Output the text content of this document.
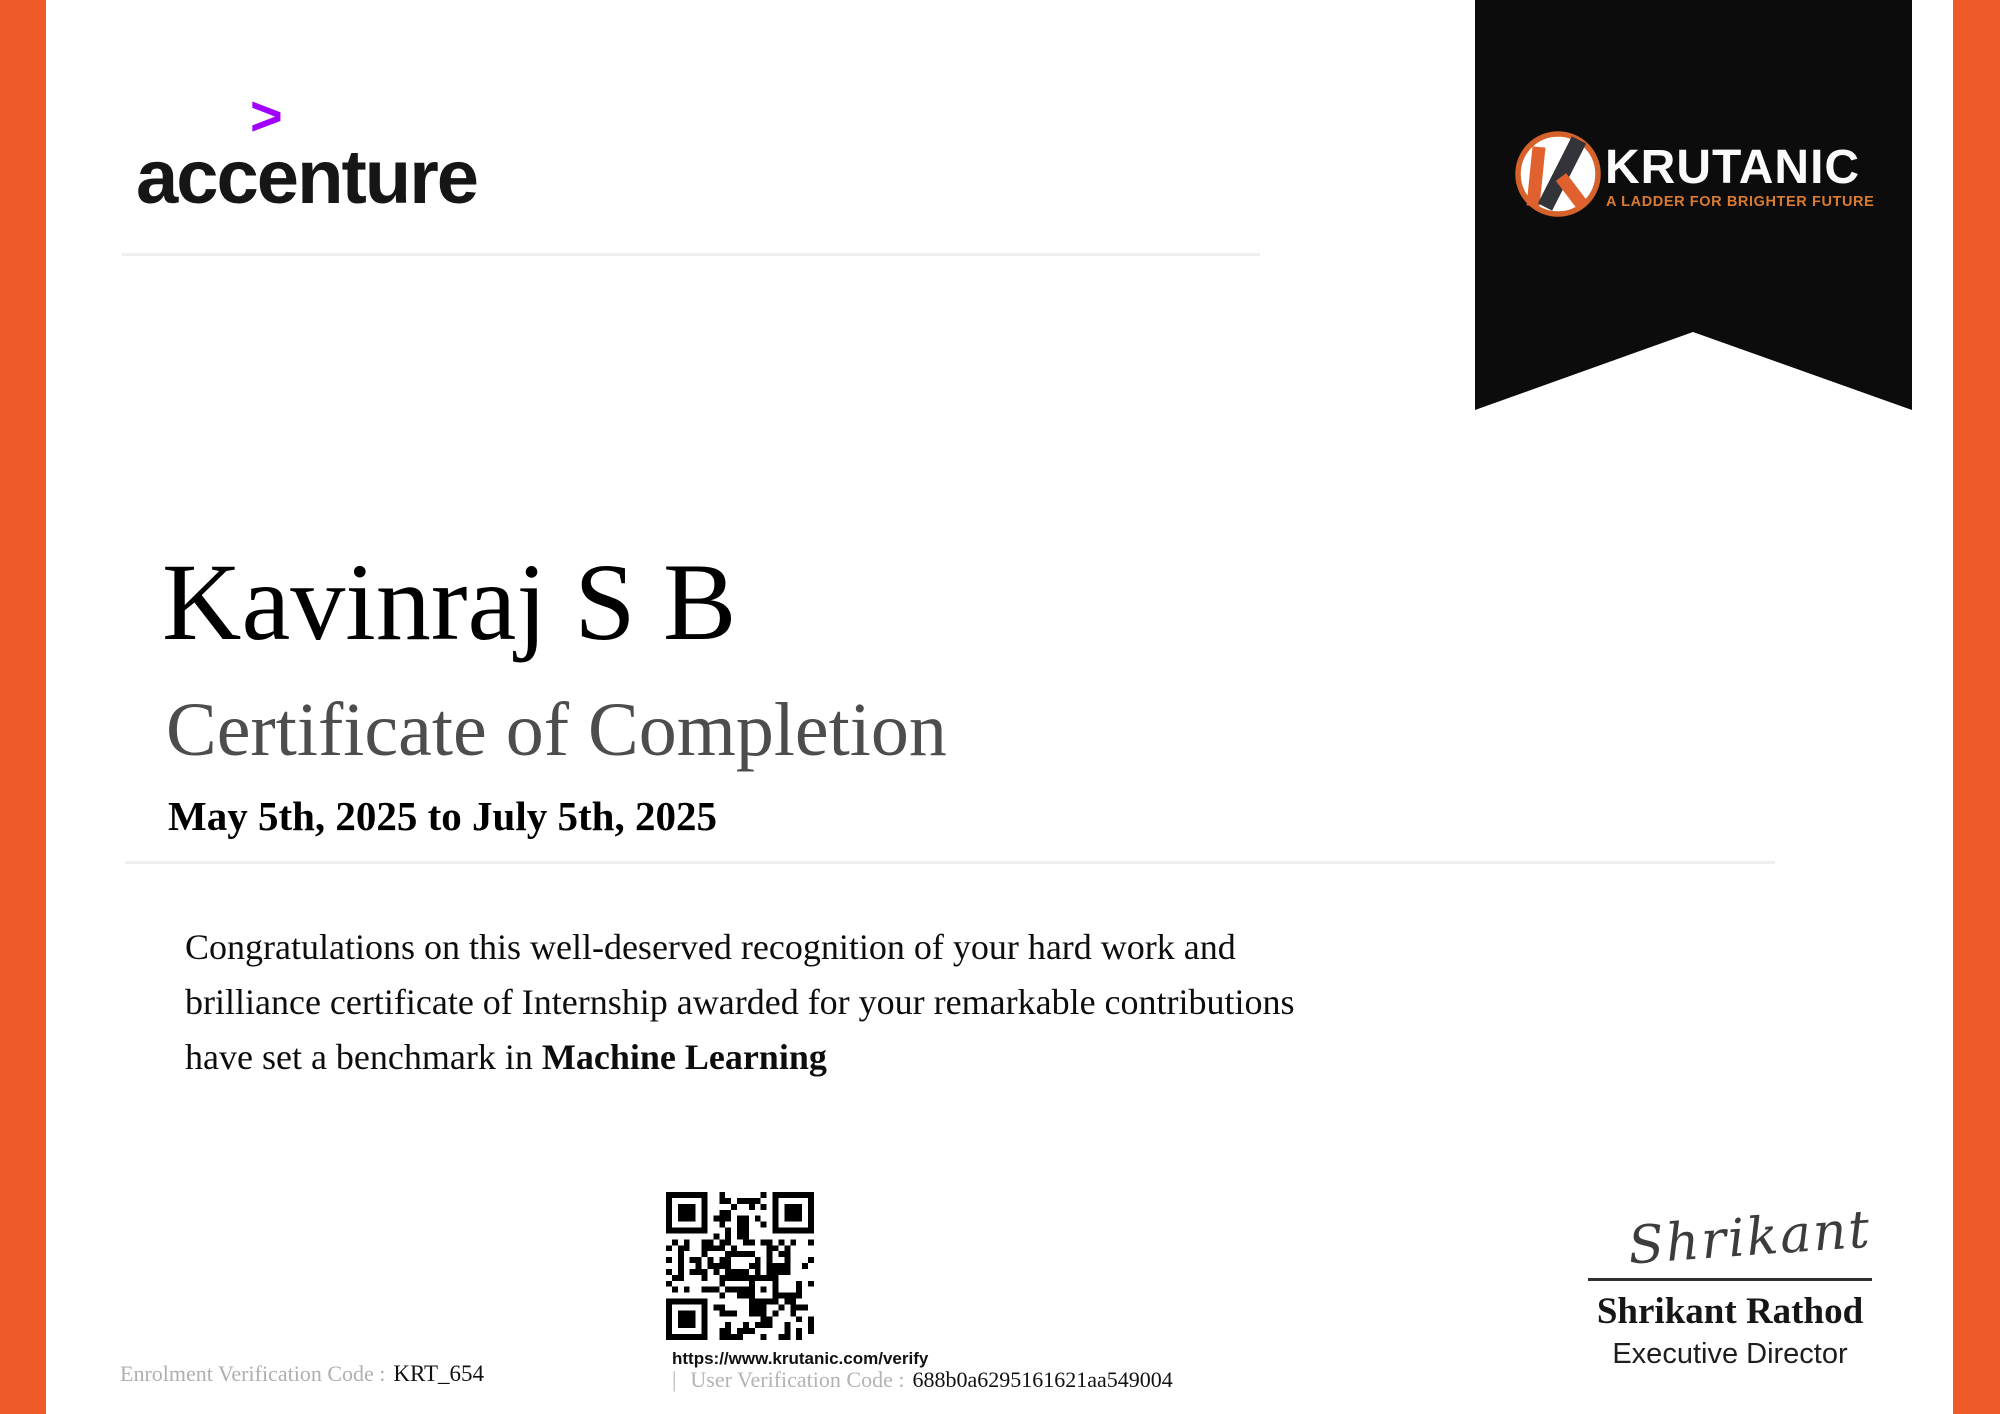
>
accenture	KRUTANIC
A LADDER FOR BRIGHTER FUTURE
Kavinraj S B
Certificate of Completion
May 5th, 2025 to July 5th, 2025
Congratulations on this well-deserved recognition of your hard work and
brilliance certificate of Internship awarded for your remarkable contributions
have set a benchmark in Machine Learning
https://www.krutanic.com/verify
Enrolment Verification Code : KRT_654	| User Verification Code : 688b0a6295161621aa549004
Shrikant
Shrikant Rathod
Executive Director
